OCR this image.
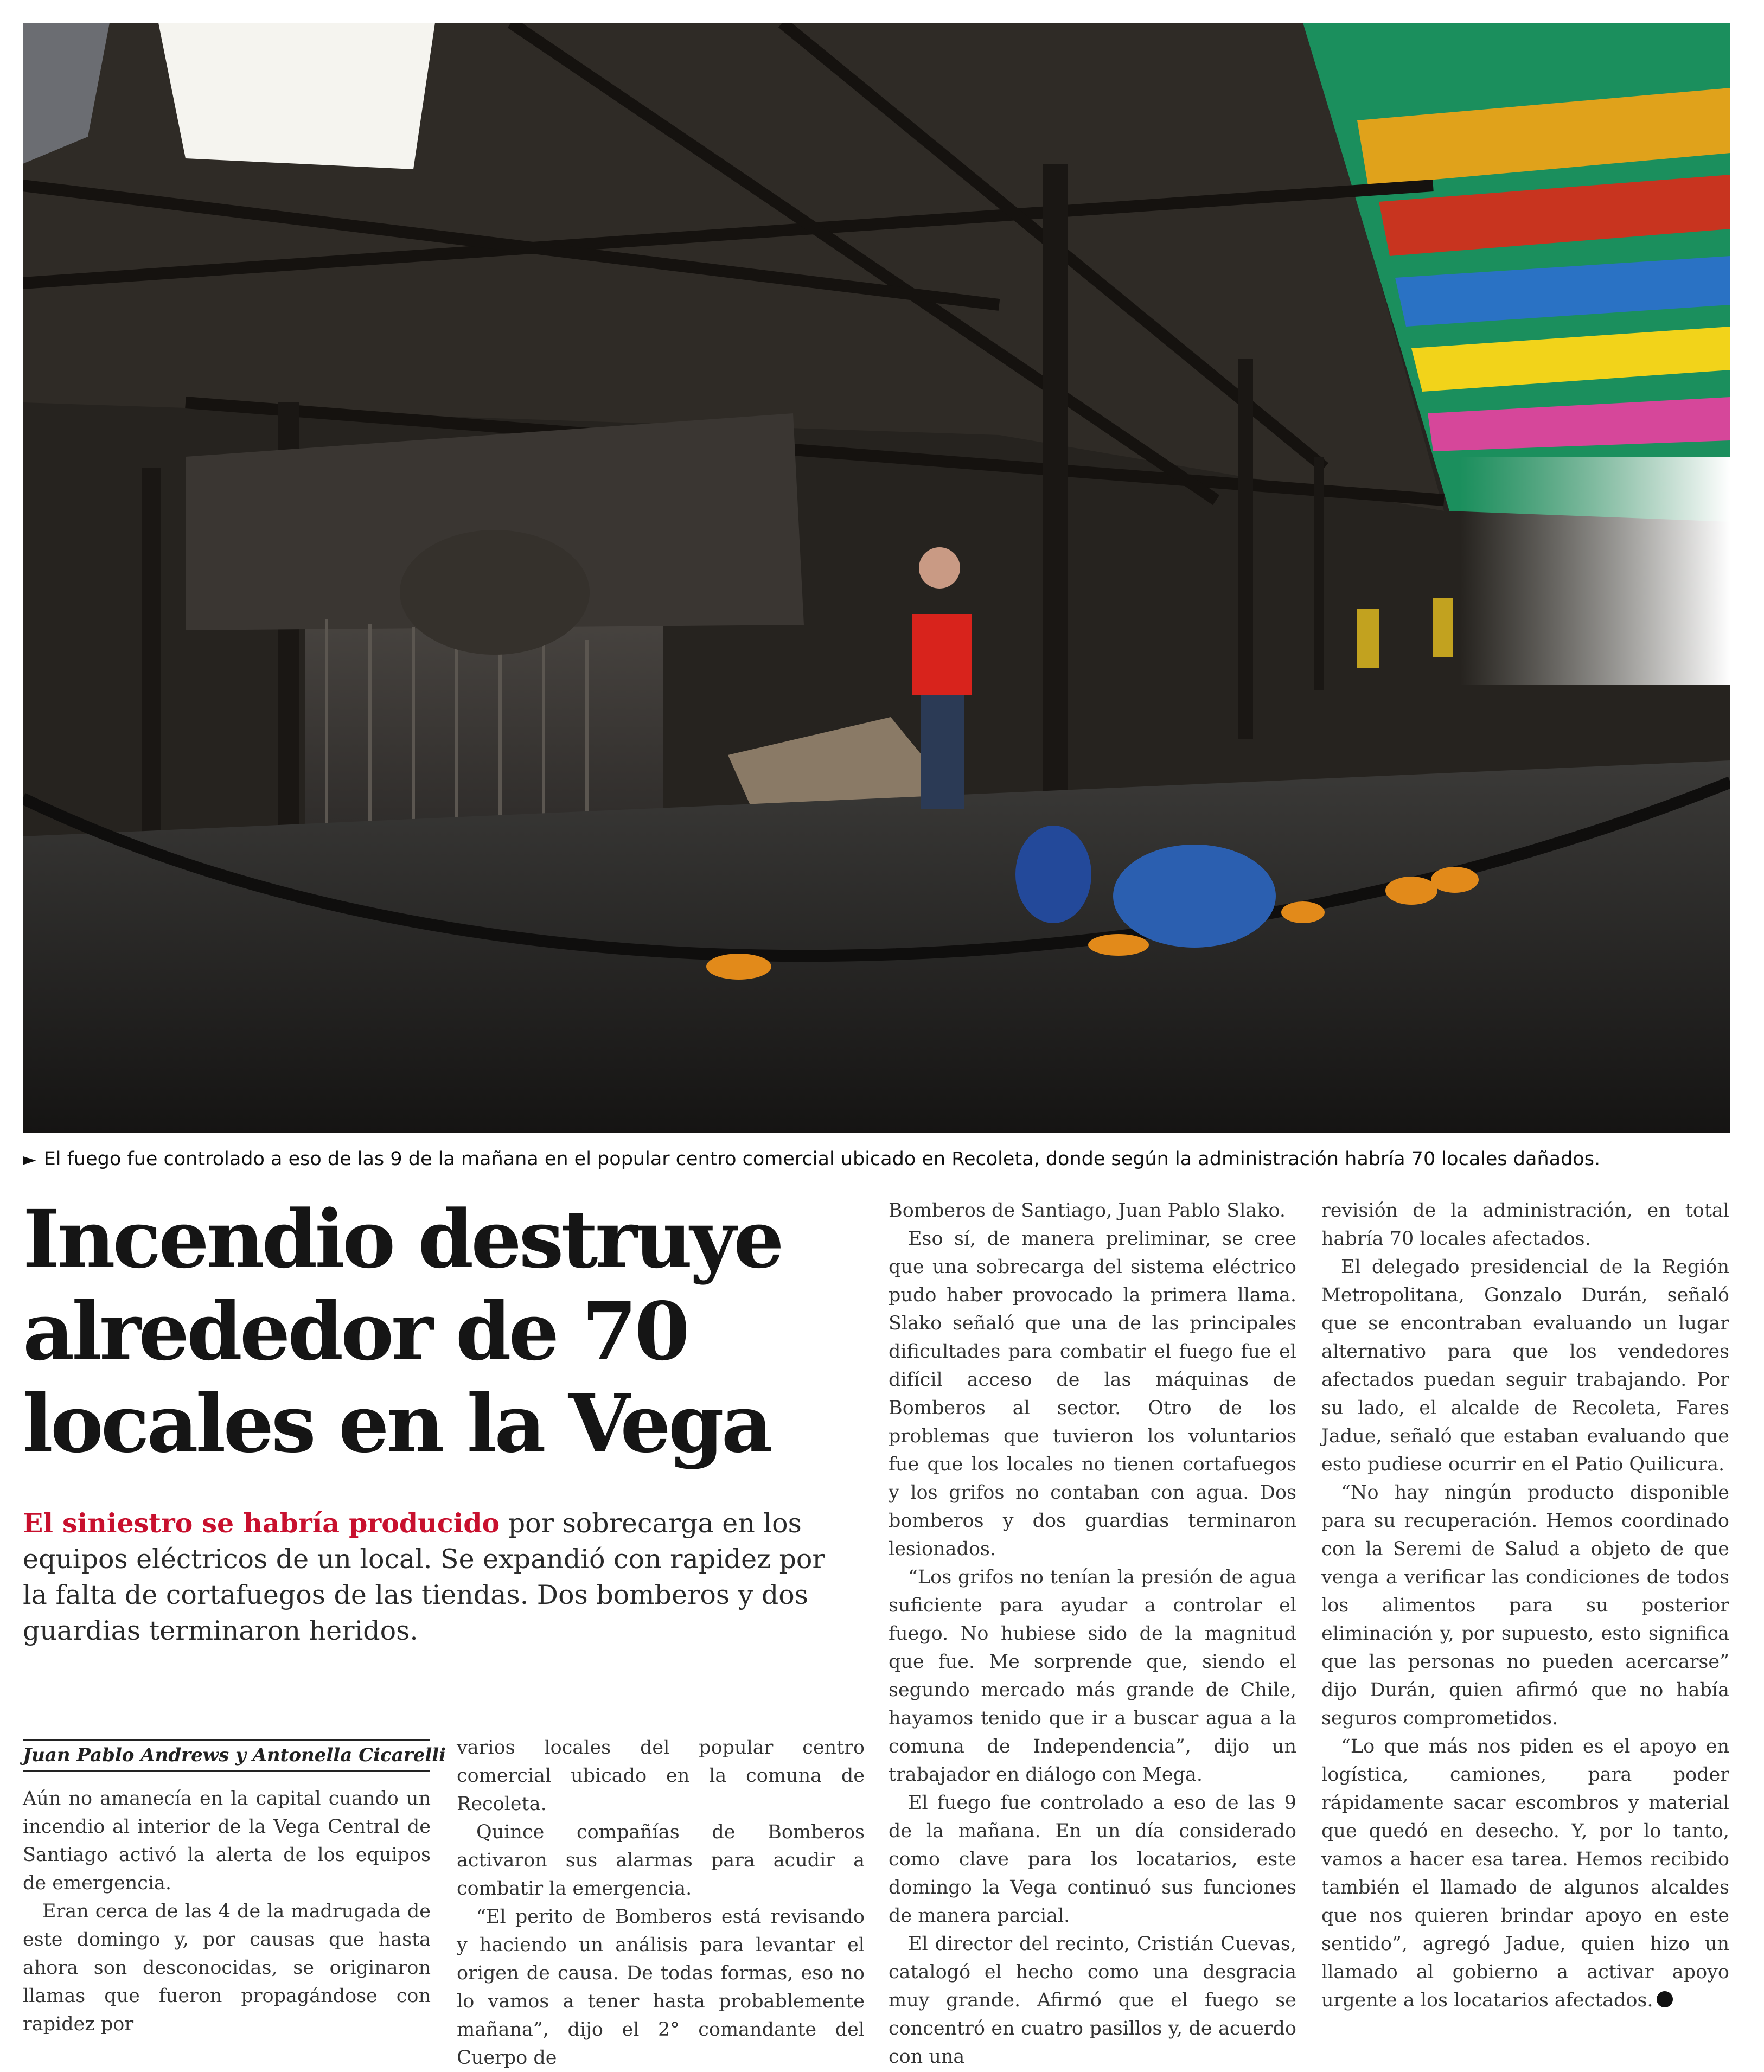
► El fuego fue controlado a eso de las 9 de la mañana en el popular centro comercial ubicado en Recoleta, donde según la administración habría 70 locales dañados.
Incendio destruye
alrededor de 70
locales en la Vega

El siniestro se habría producido por sobrecarga en los equipos eléctricos de un local. Se expandió con rapidez por la falta de cortafuegos de las tiendas. Dos bomberos y dos guardias terminaron heridos.

Juan Pablo Andrews y Antonella Cicarelli

Aún no amanecía en la capital cuando un incendio al interior de la Vega Central de Santiago activó la alerta de los equipos de emergencia.

Eran cerca de las 4 de la madrugada de este domingo y, por causas que hasta ahora son desconocidas, se originaron llamas que fueron propagándose con rapidez por

varios locales del popular centro comercial ubicado en la comuna de Recoleta.

Quince compañías de Bomberos activaron sus alarmas para acudir a combatir la emergencia.

“El perito de Bomberos está revisando y haciendo un análisis para levantar el origen de causa. De todas formas, eso no lo vamos a tener hasta probablemente mañana”, dijo el 2° comandante del Cuerpo de

Bomberos de Santiago, Juan Pablo Slako.

Eso sí, de manera preliminar, se cree que una sobrecarga del sistema eléctrico pudo haber provocado la primera llama. Slako señaló que una de las principales dificultades para combatir el fuego fue el difícil acceso de las máquinas de Bomberos al sector. Otro de los problemas que tuvieron los voluntarios fue que los locales no tienen cortafuegos y los grifos no contaban con agua. Dos bomberos y dos guardias terminaron lesionados.

“Los grifos no tenían la presión de agua suficiente para ayudar a controlar el fuego. No hubiese sido de la magnitud que fue. Me sorprende que, siendo el segundo mercado más grande de Chile, hayamos tenido que ir a buscar agua a la comuna de Independencia”, dijo un trabajador en diálogo con Mega.

El fuego fue controlado a eso de las 9 de la mañana. En un día considerado como clave para los locatarios, este domingo la Vega continuó sus funciones de manera parcial.

El director del recinto, Cristián Cuevas, catalogó el hecho como una desgracia muy grande. Afirmó que el fuego se concentró en cuatro pasillos y, de acuerdo con una

revisión de la administración, en total habría 70 locales afectados.

El delegado presidencial de la Región Metropolitana, Gonzalo Durán, señaló que se encontraban evaluando un lugar alternativo para que los vendedores afectados puedan seguir trabajando. Por su lado, el alcalde de Recoleta, Fares Jadue, señaló que estaban evaluando que esto pudiese ocurrir en el Patio Quilicura.

“No hay ningún producto disponible para su recuperación. Hemos coordinado con la Seremi de Salud a objeto de que venga a verificar las condiciones de todos los alimentos para su posterior eliminación y, por supuesto, esto significa que las personas no pueden acercarse” dijo Durán, quien afirmó que no había seguros comprometidos.

“Lo que más nos piden es el apoyo en logística, camiones, para poder rápidamente sacar escombros y material que quedó en desecho. Y, por lo tanto, vamos a hacer esa tarea. Hemos recibido también el llamado de algunos alcaldes que nos quieren brindar apoyo en este sentido”, agregó Jadue, quien hizo un llamado al gobierno a activar apoyo urgente a los locatarios afectados.
